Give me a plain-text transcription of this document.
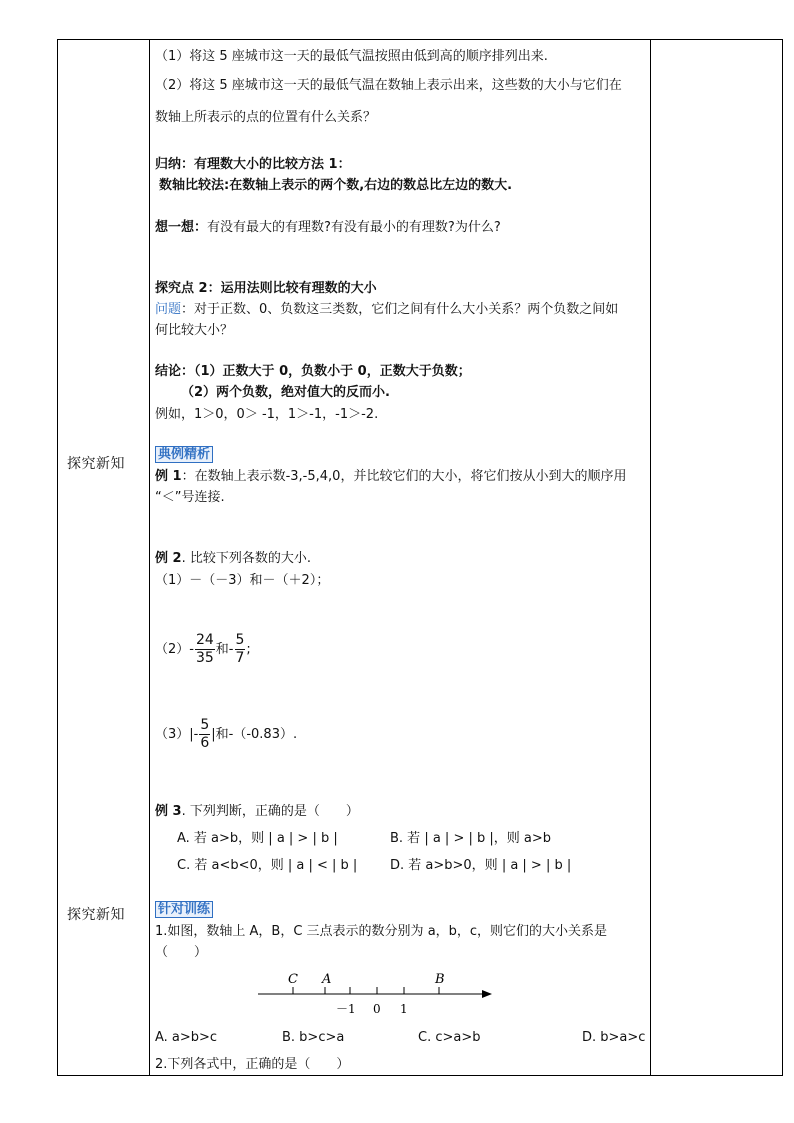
探究新知
探究新知
（1）将这 5 座城市这一天的最低气温按照由低到高的顺序排列出来.
（2）将这 5 座城市这一天的最低气温在数轴上表示出来，这些数的大小与它们在
数轴上所表示的点的位置有什么关系？
归纳：有理数大小的比较方法 1：
数轴比较法:在数轴上表示的两个数,右边的数总比左边的数大.
想一想：有没有最大的有理数?有没有最小的有理数?为什么?
探究点 2：运用法则比较有理数的大小
问题：对于正数、0、负数这三类数，它们之间有什么大小关系？两个负数之间如
何比较大小？
结论：（1）正数大于 0，负数小于 0，正数大于负数；
（2）两个负数，绝对值大的反而小.
例如，1＞0，0＞ -1，1＞-1，-1＞-2.
典例精析
例 1：在数轴上表示数-3,-5,4,0，并比较它们的大小，将它们按从小到大的顺序用
“＜”号连接.
例 2. 比较下列各数的大小.
（1）－（－3）和－（＋2）；
$(2)- \frac{24}{35}$ 和- $\frac{5}{7}$ ;
$(3)|- \frac{5}{6}$ |和-（-0.83）.
例 3. 下列判断，正确的是（　　）
A. 若 a>b，则 | a | > | b |	B. 若 | a | > | b |，则 a>b
C. 若 a<b<0，则 | a | < | b |	D. 若 a>b>0，则 | a | > | b |
针对训练
1.如图，数轴上 A，B，C 三点表示的数分别为 a，b，c，则它们的大小关系是
（　　）
C A	B
－1 0 1
A. a>b>c	B. b>c>a	C. c>a>b	D. b>a>c
2.下列各式中，正确的是（　　）
